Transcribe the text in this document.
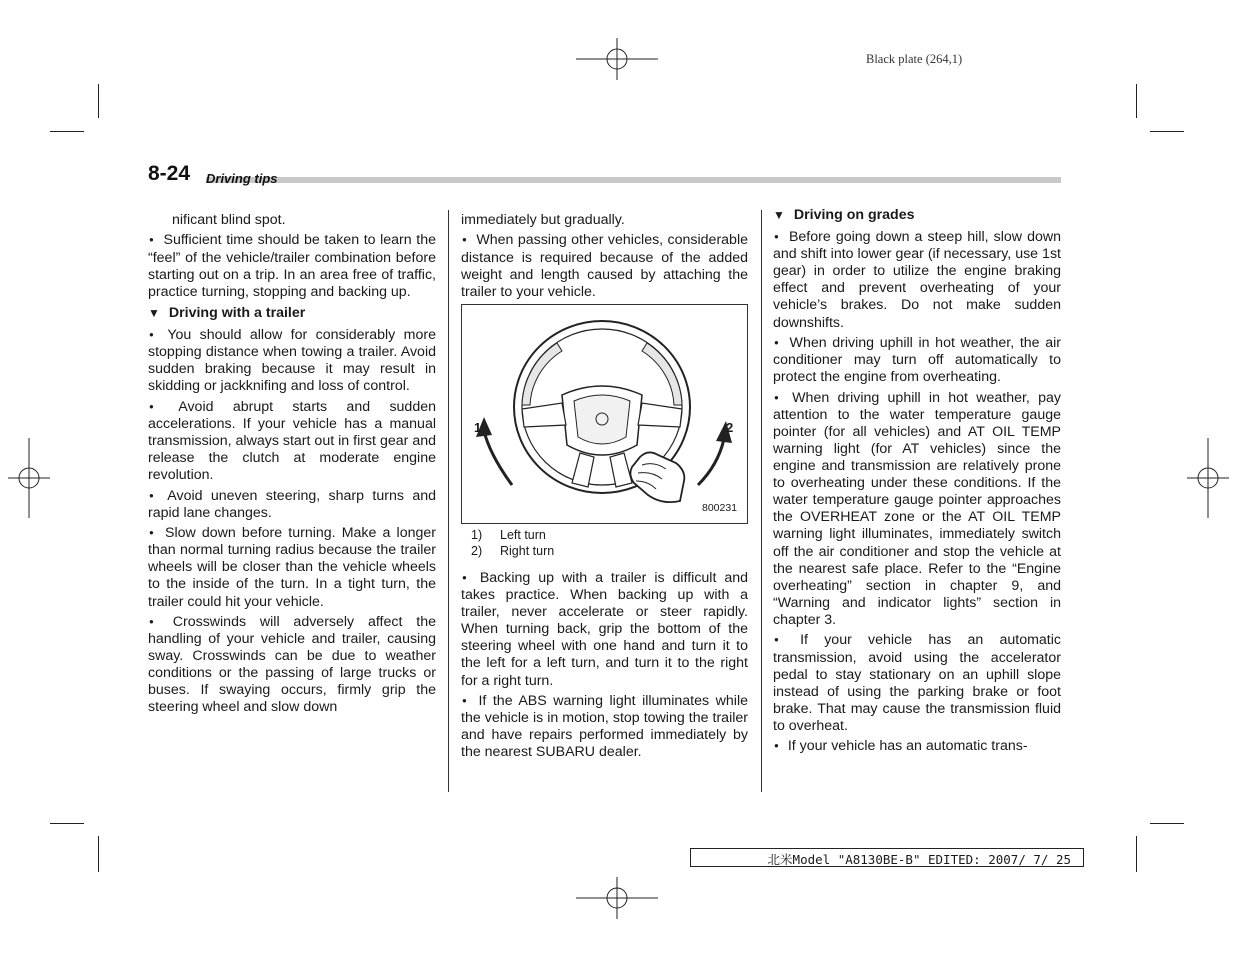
Black plate (264,1)
8-24 Driving tips

nificant blind spot.

● Sufficient time should be taken to learn the “feel” of the vehicle/trailer combination before starting out on a trip. In an area free of traffic, practice turning, stopping and backing up.

▼ Driving with a trailer

● You should allow for considerably more stopping distance when towing a trailer. Avoid sudden braking because it may result in skidding or jackknifing and loss of control.

● Avoid abrupt starts and sudden accelerations. If your vehicle has a manual transmission, always start out in first gear and release the clutch at moderate engine revolution.

● Avoid uneven steering, sharp turns and rapid lane changes.

● Slow down before turning. Make a longer than normal turning radius because the trailer wheels will be closer than the vehicle wheels to the inside of the turn. In a tight turn, the trailer could hit your vehicle.

● Crosswinds will adversely affect the handling of your vehicle and trailer, causing sway. Crosswinds can be due to weather conditions or the passing of large trucks or buses. If swaying occurs, firmly grip the steering wheel and slow down

immediately but gradually.

● When passing other vehicles, considerable distance is required because of the added weight and length caused by attaching the trailer to your vehicle.

1	2
800231
1) Left turn
2) Right turn

● Backing up with a trailer is difficult and takes practice. When backing up with a trailer, never accelerate or steer rapidly. When turning back, grip the bottom of the steering wheel with one hand and turn it to the left for a left turn, and turn it to the right for a right turn.

● If the ABS warning light illuminates while the vehicle is in motion, stop towing the trailer and have repairs performed immediately by the nearest SUBARU dealer.

▼ Driving on grades

● Before going down a steep hill, slow down and shift into lower gear (if necessary, use 1st gear) in order to utilize the engine braking effect and prevent overheating of your vehicle’s brakes. Do not make sudden downshifts.

● When driving uphill in hot weather, the air conditioner may turn off automatically to protect the engine from overheating.

● When driving uphill in hot weather, pay attention to the water temperature gauge pointer (for all vehicles) and AT OIL TEMP warning light (for AT vehicles) since the engine and transmission are relatively prone to overheating under these conditions. If the water temperature gauge pointer approaches the OVERHEAT zone or the AT OIL TEMP warning light illuminates, immediately switch off the air conditioner and stop the vehicle at the nearest safe place. Refer to the “Engine overheating” section in chapter 9, and “Warning and indicator lights” section in chapter 3.

● If your vehicle has an automatic transmission, avoid using the accelerator pedal to stay stationary on an uphill slope instead of using the parking brake or foot brake. That may cause the transmission fluid to overheat.

● If your vehicle has an automatic trans-

北米Model "A8130BE-B" EDITED: 2007/ 7/ 25
